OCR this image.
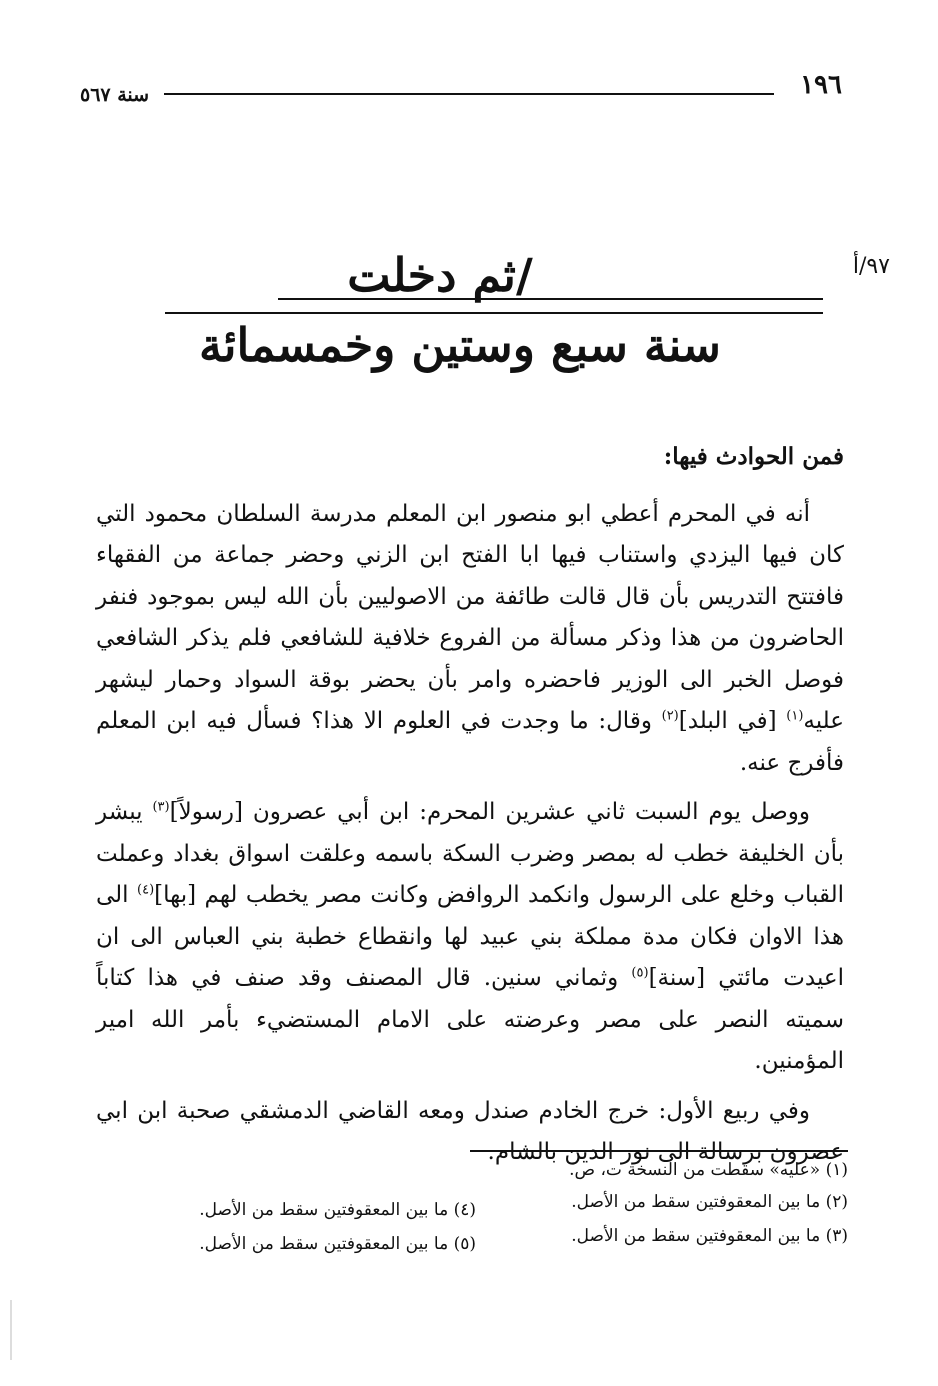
١٩٦
سنة ٥٦٧
٩٧/أ
/ثم دخلت
سنة سبع وستين وخمسمائة

فمن الحوادث فيها:

أنه في المحرم أعطي ابو منصور ابن المعلم مدرسة السلطان محمود التي كان فيها اليزدي واستناب فيها ابا الفتح ابن الزني وحضر جماعة من الفقهاء فافتتح التدريس بأن قال قالت طائفة من الاصوليين بأن الله ليس بموجود فنفر الحاضرون من هذا وذكر مسألة من الفروع خلافية للشافعي فلم يذكر الشافعي فوصل الخبر الى الوزير فاحضره وامر بأن يحضر بوقة السواد وحمار ليشهر عليه$^{(١)}$ [في البلد]$^{(٢)}$ وقال: ما وجدت في العلوم الا هذا؟ فسأل فيه ابن المعلم فأفرج عنه.

ووصل يوم السبت ثاني عشرين المحرم: ابن أبي عصرون [رسولاً]$^{(٣)}$ يبشر بأن الخليفة خطب له بمصر وضرب السكة باسمه وعلقت اسواق بغداد وعملت القباب وخلع على الرسول وانكمد الروافض وكانت مصر يخطب لهم [بها]$^{(٤)}$ الى هذا الاوان فكان مدة مملكة بني عبيد لها وانقطاع خطبة بني العباس الى ان اعيدت مائتي [سنة]$^{(٥)}$ وثماني سنين. قال المصنف وقد صنف في هذا كتاباً سميته النصر على مصر وعرضته على الامام المستضيء بأمر الله امير المؤمنين.

وفي ربيع الأول: خرج الخادم صندل ومعه القاضي الدمشقي صحبة ابن ابي عصرون برسالة الى نور الدين بالشام.

(١) «عليه» سقطت من النسخة ت، ص.
(٢) ما بين المعقوفتين سقط من الأصل.
(٣) ما بين المعقوفتين سقط من الأصل.
(٤) ما بين المعقوفتين سقط من الأصل.
(٥) ما بين المعقوفتين سقط من الأصل.
